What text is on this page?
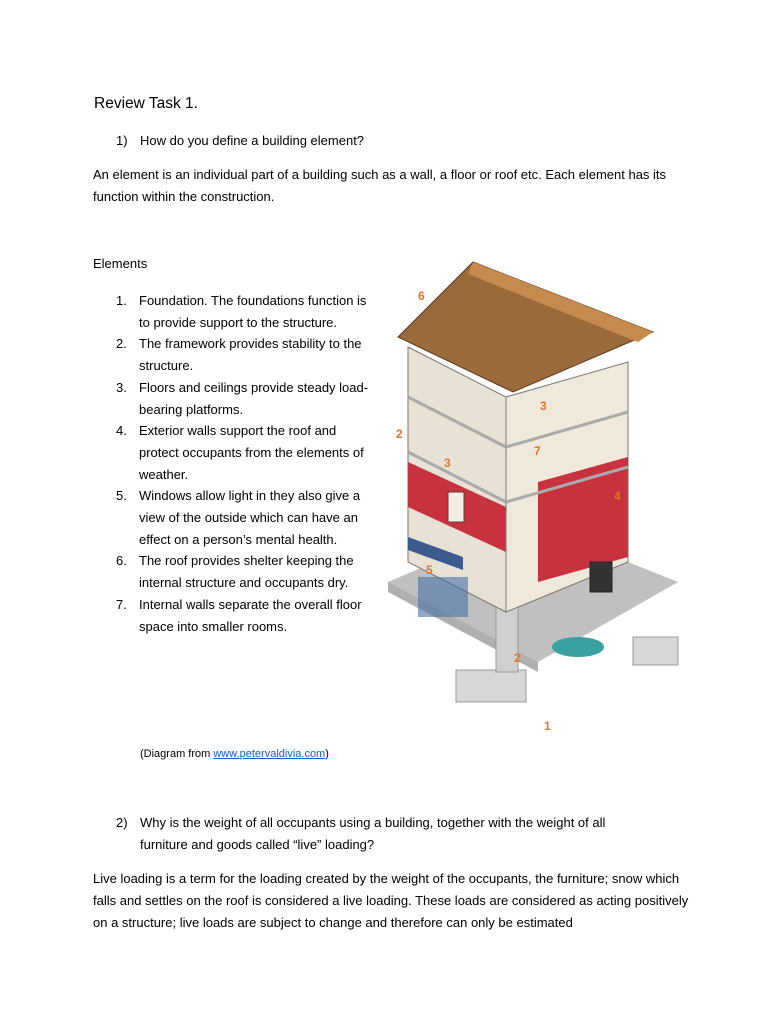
Review Task 1.
1) How do you define a building element?
An element is an individual part of a building such as a wall, a floor or roof etc. Each element has its function within the construction.
Elements
1. Foundation. The foundations function is to provide support to the structure.
2. The framework provides stability to the structure.
3. Floors and ceilings provide steady load-bearing platforms.
4. Exterior walls support the roof and protect occupants from the elements of weather.
5. Windows allow light in they also give a view of the outside which can have an effect on a person’s mental health.
6. The roof provides shelter keeping the internal structure and occupants dry.
7. Internal walls separate the overall floor space into smaller rooms.
6
3
2
3
7
4
5
2
1
(Diagram from www.petervaldivia.com)
2) Why is the weight of all occupants using a building, together with the weight of all furniture and goods called “live” loading?
Live loading is a term for the loading created by the weight of the occupants, the furniture; snow which falls and settles on the roof is considered a live loading. These loads are considered as acting positively on a structure; live loads are subject to change and therefore can only be estimated
